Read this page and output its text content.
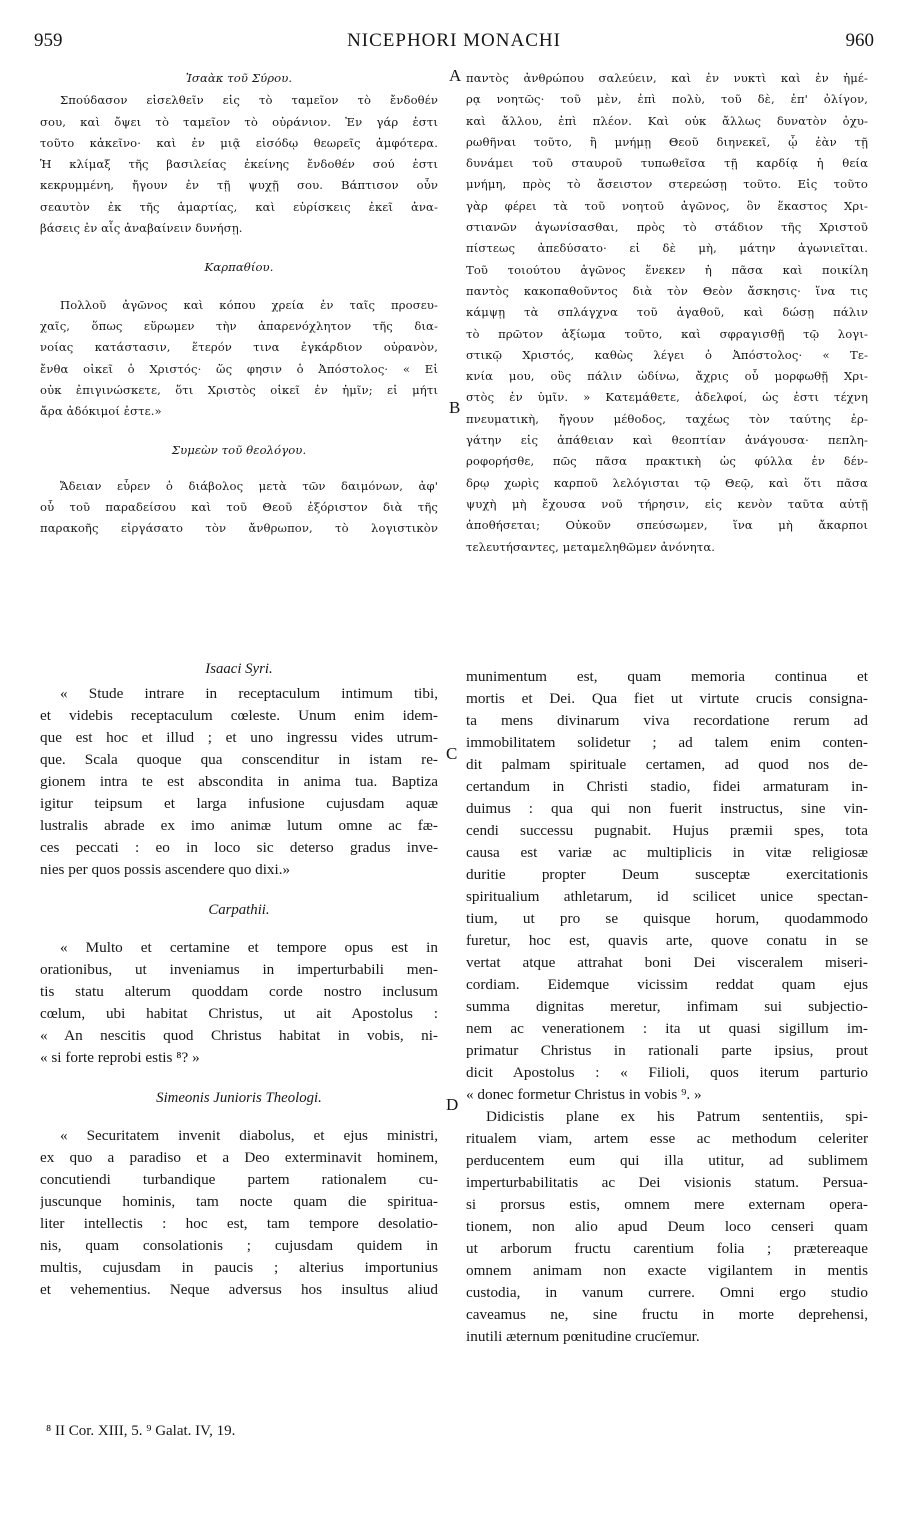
959	NICEPHORI MONACHI	960
A
B
C
D
Ἰσαὰκ τοῦ Σύρου.
Σπούδασον εἰσελθεῖν εἰς τὸ ταμεῖον τὸ ἔνδοθέν
σου, καὶ ὄψει τὸ ταμεῖον τὸ οὐράνιον. Ἐν γάρ ἐστι
τοῦτο κἀκεῖνο· καὶ ἐν μιᾷ εἰσόδῳ θεωρεῖς ἀμφότερα.
Ἡ κλίμαξ τῆς βασιλείας ἐκείνης ἔνδοθέν σού ἐστι
κεκρυμμένη, ἤγουν ἐν τῇ ψυχῇ σου. Βάπτισον οὖν
σεαυτὸν ἐκ τῆς ἁμαρτίας, καὶ εὑρίσκεις ἐκεῖ ἀνα-
βάσεις ἐν αἷς ἀναβαίνειν δυνήσῃ.
Καρπαθίου.
Πολλοῦ ἀγῶνος καὶ κόπου χρεία ἐν ταῖς προσευ-
χαῖς, ὅπως εὕρωμεν τὴν ἀπαρενόχλητον τῆς δια-
νοίας κατάστασιν, ἕτερόν τινα ἐγκάρδιον οὐρανὸν,
ἔνθα οἰκεῖ ὁ Χριστός· ὥς φησιν ὁ Ἀπόστολος· « Εἰ
οὐκ ἐπιγινώσκετε, ὅτι Χριστὸς οἰκεῖ ἐν ἡμῖν; εἰ μήτι
ἄρα ἀδόκιμοί ἐστε.»
Συμεὼν τοῦ θεολόγου.
Ἄδειαν εὗρεν ὁ διάβολος μετὰ τῶν δαιμόνων, ἀφ'
οὗ τοῦ παραδείσου καὶ τοῦ Θεοῦ ἐξόριστον διὰ τῆς
παρακοῆς εἰργάσατο τὸν ἄνθρωπον, τὸ λογιστικὸν
παντὸς ἀνθρώπου σαλεύειν, καὶ ἐν νυκτὶ καὶ ἐν ἡμέ-
ρᾳ νοητῶς· τοῦ μὲν, ἐπὶ πολὺ, τοῦ δὲ, ἐπ' ὀλίγον,
καὶ ἄλλου, ἐπὶ πλέον. Καὶ οὐκ ἄλλως δυνατὸν ὀχυ-
ρωθῆναι τοῦτο, ἢ μνήμῃ Θεοῦ διηνεκεῖ, ᾧ ἐὰν τῇ
δυνάμει τοῦ σταυροῦ τυπωθεῖσα τῇ καρδίᾳ ἡ θεία
μνήμη, πρὸς τὸ ἄσειστον στερεώσῃ τοῦτο. Εἰς τοῦτο
γὰρ φέρει τὰ τοῦ νοητοῦ ἀγῶνος, ὃν ἕκαστος Χρι-
στιανῶν ἀγωνίσασθαι, πρὸς τὸ στάδιον τῆς Χριστοῦ
πίστεως ἀπεδύσατο· εἰ δὲ μὴ, μάτην ἀγωνιεῖται.
Τοῦ τοιούτου ἀγῶνος ἕνεκεν ἡ πᾶσα καὶ ποικίλη
παντὸς κακοπαθοῦντος διὰ τὸν Θεὸν ἄσκησις· ἵνα τις
κάμψῃ τὰ σπλάγχνα τοῦ ἀγαθοῦ, καὶ δώσῃ πάλιν
τὸ πρῶτον ἀξίωμα τοῦτο, καὶ σφραγισθῇ τῷ λογι-
στικῷ Χριστός, καθὼς λέγει ὁ Ἀπόστολος· « Τε-
κνία μου, οὓς πάλιν ὠδίνω, ἄχρις οὗ μορφωθῇ Χρι-
στὸς ἐν ὑμῖν. » Κατεμάθετε, ἀδελφοί, ὡς ἐστι τέχνη
πνευματικὴ, ἤγουν μέθοδος, ταχέως τὸν ταύτης ἐρ-
γάτην εἰς ἀπάθειαν καὶ θεοπτίαν ἀνάγουσα· πεπλη-
ροφορήσθε, πῶς πᾶσα πρακτικὴ ὡς φύλλα ἐν δέν-
δρῳ χωρὶς καρποῦ λελόγισται τῷ Θεῷ, καὶ ὅτι πᾶσα
ψυχὴ μὴ ἔχουσα νοῦ τήρησιν, εἰς κενὸν ταῦτα αὐτῇ
ἀποθήσεται; Οὐκοῦν σπεύσωμεν, ἵνα μὴ ἄκαρποι
τελευτήσαντες, μεταμεληθῶμεν ἀνόνητα.
Isaaci Syri.
« Stude intrare in receptaculum intimum tibi,
et videbis receptaculum cœleste. Unum enim idem-
que est hoc et illud ; et uno ingressu vides utrum-
que. Scala quoque qua conscenditur in istam re-
gionem intra te est abscondita in anima tua. Baptiza
igitur teipsum et larga infusione cujusdam aquæ
lustralis abrade ex imo animæ lutum omne ac fæ-
ces peccati : eo in loco sic deterso gradus inve-
nies per quos possis ascendere quo dixi.»
Carpathii.
« Multo et certamine et tempore opus est in
orationibus, ut inveniamus in imperturbabili men-
tis statu alterum quoddam corde nostro inclusum
cœlum, ubi habitat Christus, ut ait Apostolus :
« An nescitis quod Christus habitat in vobis, ni-
« si forte reprobi estis ⁸? »
Simeonis Junioris Theologi.
« Securitatem invenit diabolus, et ejus ministri,
ex quo a paradiso et a Deo exterminavit hominem,
concutiendi turbandique partem rationalem cu-
juscunque hominis, tam nocte quam die spiritua-
liter intellectis : hoc est, tam tempore desolatio-
nis, quam consolationis ; cujusdam quidem in
multis, cujusdam in paucis ; alterius importunius
et vehementius. Neque adversus hos insultus aliud
munimentum est, quam memoria continua et
mortis et Dei. Qua fiet ut virtute crucis consigna-
ta mens divinarum viva recordatione rerum ad
immobilitatem solidetur ; ad talem enim conten-
dit palmam spirituale certamen, ad quod nos de-
certandum in Christi stadio, fidei armaturam in-
duimus : qua qui non fuerit instructus, sine vin-
cendi successu pugnabit. Hujus præmii spes, tota
causa est variæ ac multiplicis in vitæ religiosæ
duritie propter Deum susceptæ exercitationis
spiritualium athletarum, id scilicet unice spectan-
tium, ut pro se quisque horum, quodammodo
furetur, hoc est, quavis arte, quove conatu in se
vertat atque attrahat boni Dei visceralem miseri-
cordiam. Eidemque vicissim reddat quam ejus
summa dignitas meretur, infimam sui subjectio-
nem ac venerationem : ita ut quasi sigillum im-
primatur Christus in rationali parte ipsius, prout
dicit Apostolus : « Filioli, quos iterum parturio
« donec formetur Christus in vobis ⁹. »
Didicistis plane ex his Patrum sententiis, spi-
ritualem viam, artem esse ac methodum celeriter
perducentem eum qui illa utitur, ad sublimem
imperturbabilitatis ac Dei visionis statum. Persua-
si prorsus estis, omnem mere externam opera-
tionem, non alio apud Deum loco censeri quam
ut arborum fructu carentium folia ; prætereaque
omnem animam non exacte vigilantem in mentis
custodia, in vanum currere. Omni ergo studio
caveamus ne, sine fructu in morte deprehensi,
inutili æternum pœnitudine crucïemur.
⁸ II Cor. XIII, 5. ⁹ Galat. IV, 19.
